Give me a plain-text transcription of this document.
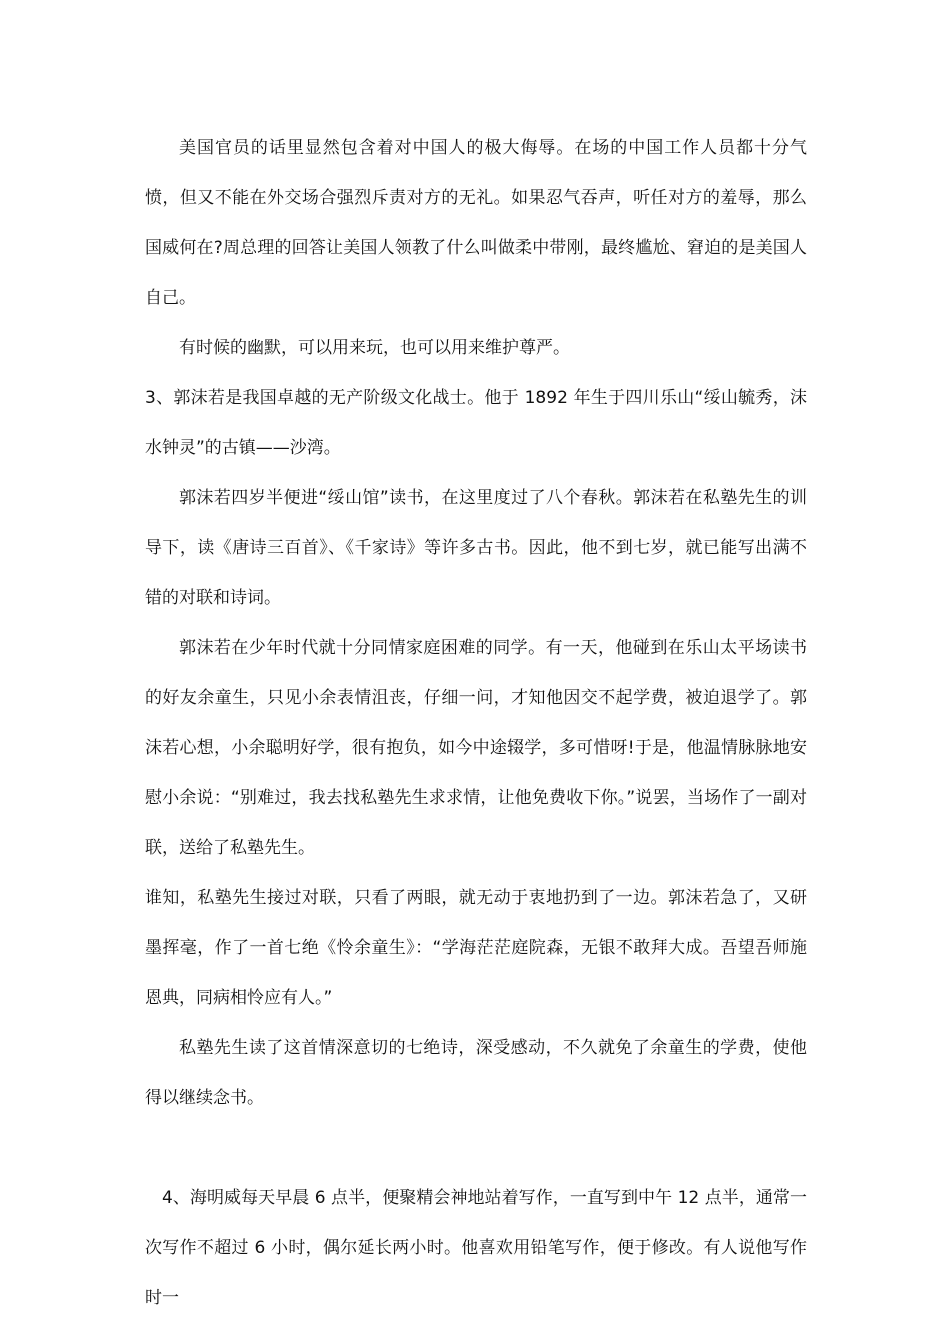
美国官员的话里显然包含着对中国人的极大侮辱。在场的中国工作人员都十分气愤，但又不能在外交场合强烈斥责对方的无礼。如果忍气吞声，听任对方的羞辱，那么国威何在?周总理的回答让美国人领教了什么叫做柔中带刚，最终尴尬、窘迫的是美国人自己。

有时候的幽默，可以用来玩，也可以用来维护尊严。

3、郭沫若是我国卓越的无产阶级文化战士。他于 1892 年生于四川乐山“绥山毓秀，沫水钟灵”的古镇——沙湾。

郭沫若四岁半便进“绥山馆”读书，在这里度过了八个春秋。郭沫若在私塾先生的训导下，读《唐诗三百首》、《千家诗》等许多古书。因此，他不到七岁，就已能写出满不错的对联和诗词。

郭沫若在少年时代就十分同情家庭困难的同学。有一天，他碰到在乐山太平场读书的好友余童生，只见小余表情沮丧，仔细一问，才知他因交不起学费，被迫退学了。郭沫若心想，小余聪明好学，很有抱负，如今中途辍学，多可惜呀!于是，他温情脉脉地安慰小余说：“别难过，我去找私塾先生求求情，让他免费收下你。”说罢，当场作了一副对联，送给了私塾先生。

谁知，私塾先生接过对联，只看了两眼，就无动于衷地扔到了一边。郭沫若急了，又研墨挥毫，作了一首七绝《怜余童生》：“学海茫茫庭院森，无银不敢拜大成。吾望吾师施恩典，同病相怜应有人。”

私塾先生读了这首情深意切的七绝诗，深受感动，不久就免了余童生的学费，使他得以继续念书。

4、海明威每天早晨 6 点半，便聚精会神地站着写作，一直写到中午 12 点半，通常一次写作不超过 6 小时，偶尔延长两小时。他喜欢用铅笔写作，便于修改。有人说他写作时一
